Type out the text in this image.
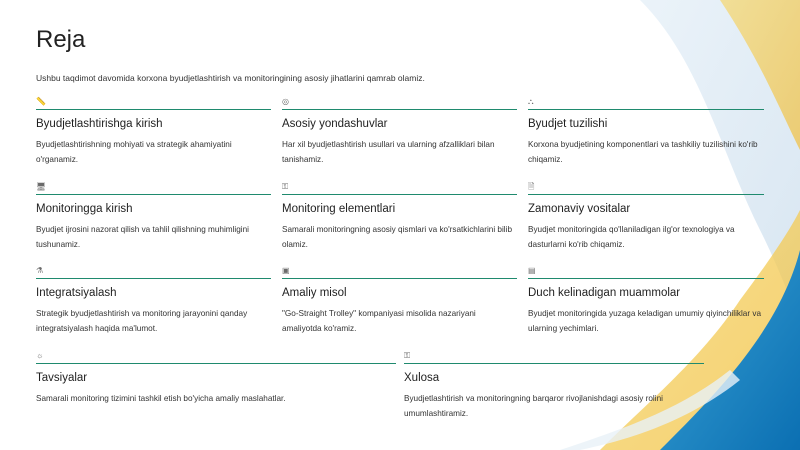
Reja
Ushbu taqdimot davomida korxona byudjetlashtirish va monitoringining asosiy jihatlarini qamrab olamiz.
📏
Byudjetlashtirishga kirish
Byudjetlashtirishning mohiyati va strategik ahamiyatini o'rganamiz.
◎
Asosiy yondashuvlar
Har xil byudjetlashtirish usullari va ularning afzalliklari bilan tanishamiz.
⛬
Byudjet tuzilishi
Korxona byudjetining komponentlari va tashkiliy tuzilishini ko'rib chiqamiz.
🖥
Monitoringga kirish
Byudjet ijrosini nazorat qilish va tahlil qilishning muhimligini tushunamiz.
⚿
Monitoring elementlari
Samarali monitoringning asosiy qismlari va ko'rsatkichlarini bilib olamiz.
🗎
Zamonaviy vositalar
Byudjet monitoringida qo'llaniladigan ilg'or texnologiya va dasturlarni ko'rib chiqamiz.
⚗
Integratsiyalash
Strategik byudjetlashtirish va monitoring jarayonini qanday integratsiyalash haqida ma'lumot.
▣
Amaliy misol
"Go-Straight Trolley" kompaniyasi misolida nazariyani amaliyotda ko'ramiz.
▤
Duch kelinadigan muammolar
Byudjet monitoringida yuzaga keladigan umumiy qiyinchiliklar va ularning yechimlari.
☼
Tavsiyalar
Samarali monitoring tizimini tashkil etish bo'yicha amaliy maslahatlar.
⚿
Xulosa
Byudjetlashtirish va monitoringning barqaror rivojlanishdagi asosiy rolini umumlashtiramiz.
